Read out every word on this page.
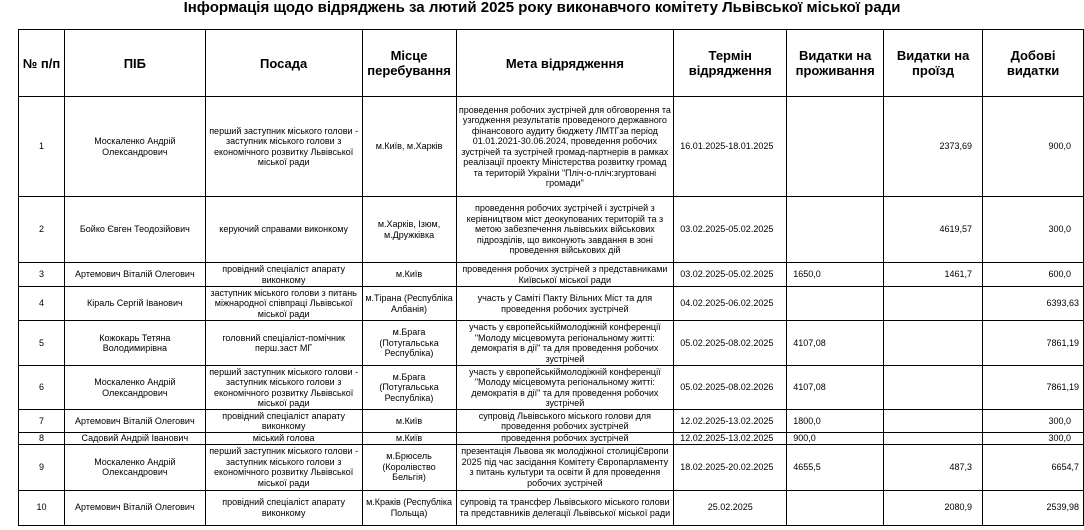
Інформація щодо відряджень за лютий 2025 року виконавчого комітету Львівської міської ради
№ п/п	ПІБ	Посада	Місце перебування	Мета відрядження	Термін відрядження	Видатки на проживання	Видатки на проїзд	Добові видатки
1	Москаленко Андрій Олександрович	перший заступник міського голови - заступник міського голови з економічного розвитку Львівської міської ради	м.Київ, м.Харків	проведення робочих зустрічей для обговорення та узгодження результатів проведеного державного фінансового аудиту бюджету ЛМТГза період 01.01.2021-30.06.2024, проведення робочих зустрічей та зустрічей громад-партнерів в рамках реалізації проекту Міністерства розвитку громад та територій України "Пліч-о-пліч:згуртовані громади"	16.01.2025-18.01.2025		2373,69	900,0
2	Бойко Євген Теодозійович	керуючий справами виконкому	м.Харків, Ізюм, м.Дружківка	проведення робочих зустрічей і зустрічей з керівництвом міст деокупованих територій та з метою забезпечення львівських військових підрозділів, що виконують завдання в зоні проведення військових дій	03.02.2025-05.02.2025		4619,57	300,0
3	Артемович Віталій Олегович	провідний спеціаліст апарату виконкому	м.Київ	проведення робочих зустрічей з представниками Київської міської ради	03.02.2025-05.02.2025	1650,0	1461,7	600,0
4	Кіраль Сергій Іванович	заступник міського голови з питань міжнародної співпраці Львівської міської ради	м.Тірана (Республіка Албанія)	участь у Саміті Пакту Вільних Міст та для проведення робочих зустрічей	04.02.2025-06.02.2025			6393,63
5	Кожокарь Тетяна Володимирівна	головний спеціаліст-помічник перш.заст МГ	м.Брага (Потугальська Республіка)	участь у європейськіймолодіжній конференції "Молоду місцевомута регіональному житті: демократія в дії" та для проведення робочих зустрічей	05.02.2025-08.02.2025	4107,08		7861,19
6	Москаленко Андрій Олександрович	перший заступник міського голови - заступник міського голови з економічного розвитку Львівської міської ради	м.Брага (Потугальська Республіка)	участь у європейськіймолодіжній конференції "Молоду місцевомута регіональному житті: демократія в дії" та для проведення робочих зустрічей	05.02.2025-08.02.2026	4107,08		7861,19
7	Артемович Віталій Олегович	провідний спеціаліст апарату виконкому	м.Київ	супровід Львівського міського голови для проведення робочих зустрічей	12.02.2025-13.02.2025	1800,0		300,0
8	Садовий Андрій Іванович	міський голова	м.Київ	проведення робочих зустрічей	12.02.2025-13.02.2025	900,0		300,0
9	Москаленко Андрій Олександрович	перший заступник міського голови - заступник міського голови з економічного розвитку Львівської міської ради	м.Брюсель (Королівство Бельгія)	презентація Львова як молодіжної столиціЄвропи 2025 під час засідання Комітету Європарламенту з питань культури та освіти й для проведення робочих зустрічей	18.02.2025-20.02.2025	4655,5	487,3	6654,7
10	Артемович Віталій Олегович	провідний спеціаліст апарату виконкому	м.Краків (Республіка Польща)	супровід та трансфер Львівського міського голови та представників делегації Львівської міської ради	25.02.2025		2080,9	2539,98
